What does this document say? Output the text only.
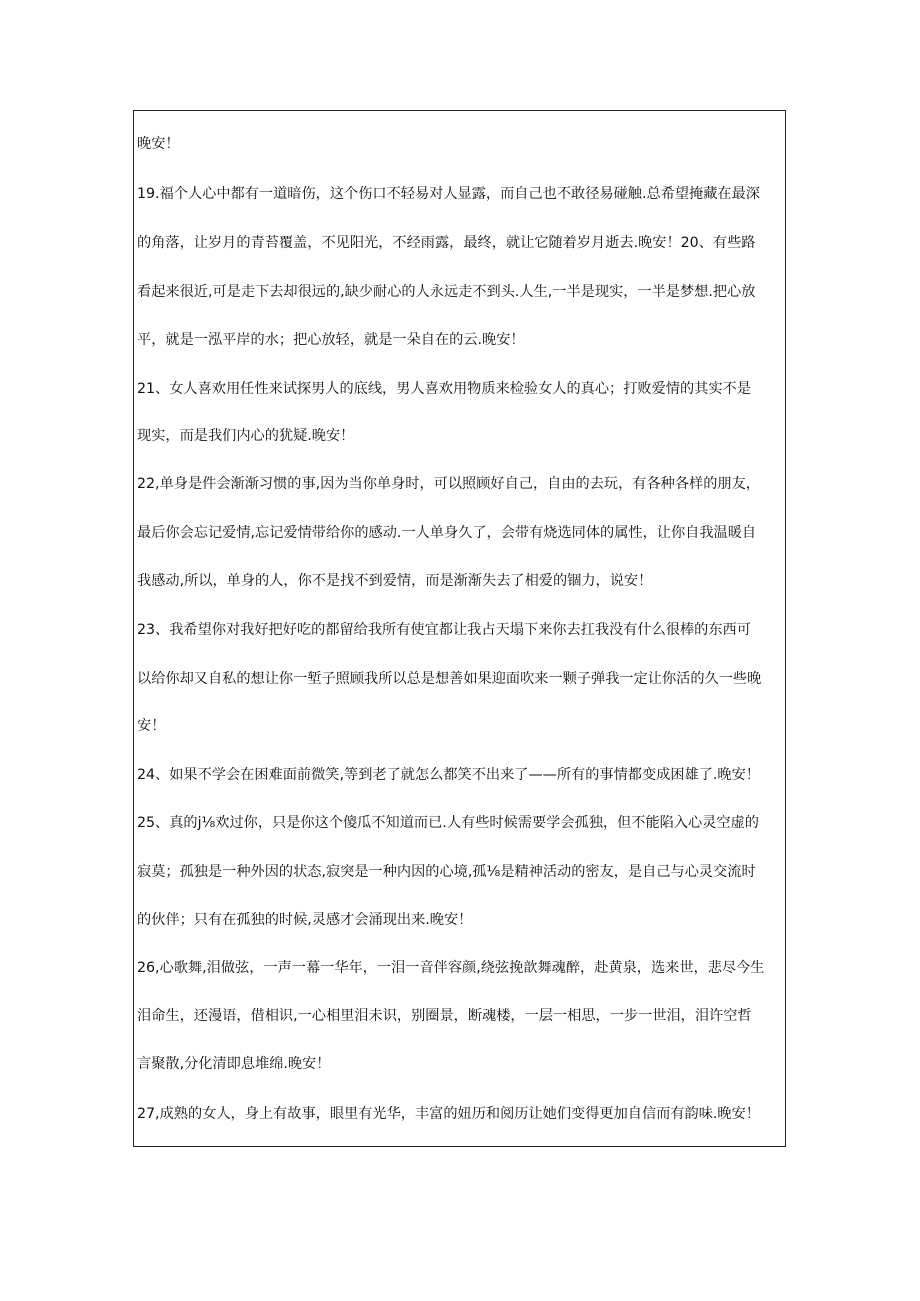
晚安！
19.福个人心中都有一道暗伤，这个伤口不轻易对人显露，而自己也不敢径易碰触.总希望掩藏在最深
的角落，让岁月的青苔覆盖，不见阳光，不经雨露，最终，就让它随着岁月逝去.晚安！20、有些路
看起来很近,可是走下去却很远的,缺少耐心的人永远走不到头.人生,一半是现实，一半是梦想.把心放
平，就是一泓平岸的水；把心放轻，就是一朵自在的云.晚安！
21、女人喜欢用任性来试探男人的底线，男人喜欢用物质来检验女人的真心；打败爱情的其实不是
现实，而是我们内心的犹疑.晚安！
22,单身是件会渐渐习惯的事,因为当你单身时，可以照顾好自己，自由的去玩，有各种各样的朋友，
最后你会忘记爱情,忘记爱情带给你的感动.一人单身久了，会带有烧选同体的属性，让你自我温暖自
我感动,所以，单身的人，你不是找不到爱情，而是渐渐失去了相爱的锢力，说安！
23、我希望你对我好把好吃的都留给我所有使宜都让我占天塌下来你去扛我没有什么很棒的东西可
以给你却又自私的想让你一堑子照顾我所以总是想善如果迎面吹来一颗子弹我一定让你活的久一些晚
安！
24、如果不学会在困难面前微笑,等到老了就怎么都笑不出来了——所有的事情都变成困雄了.晚安！
25、真的j⅛欢过你，只是你这个傻瓜不知道而已.人有些时候需要学会孤独，但不能陷入心灵空虚的
寂莫；孤独是一种外因的状态,寂突是一种内因的心境,孤⅛是精神活动的密友，是自己与心灵交流时
的伙伴；只有在孤独的时候,灵感才会涌现出来.晚安！
26,心歌舞,泪做弦，一声一幕一华年，一泪一音伴容颜,绕弦挽歆舞魂醉，赴黄泉，选来世，悲尽今生
泪命生，还漫语，借相识,一心相里泪未识，别圈景，断魂楼，一层一相思，一步一世泪，泪许空哲
言聚散,分化清即息堆绵.晚安！
27,成熟的女人，身上有故事，眼里有光华，丰富的妞历和阅历让她们变得更加自信而有韵味.晚安！
